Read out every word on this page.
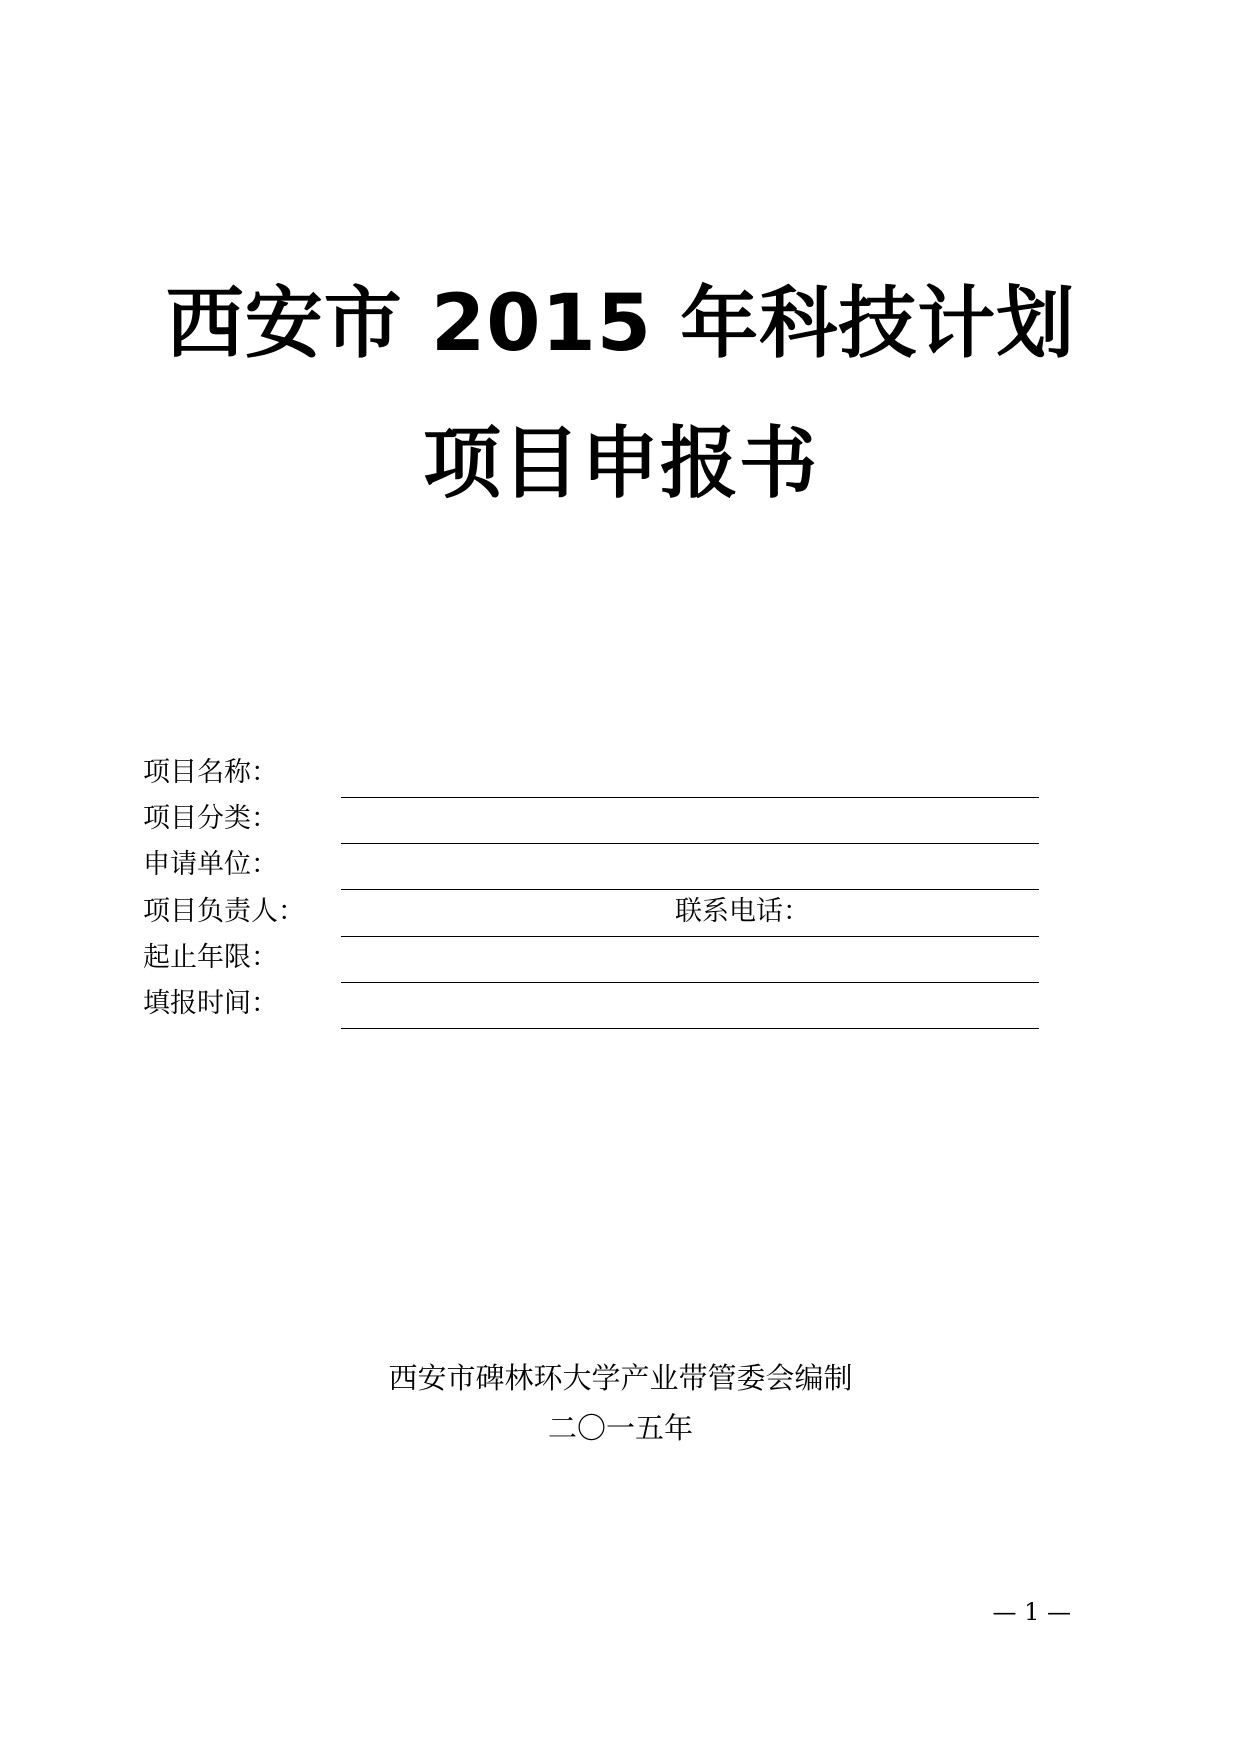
西安市 2015 年科技计划
项目申报书
项目名称：
项目分类：
申请单位：
项目负责人：	联系电话：
起止年限：
填报时间：
西安市碑林环大学产业带管委会编制
二〇一五年
— 1 —
